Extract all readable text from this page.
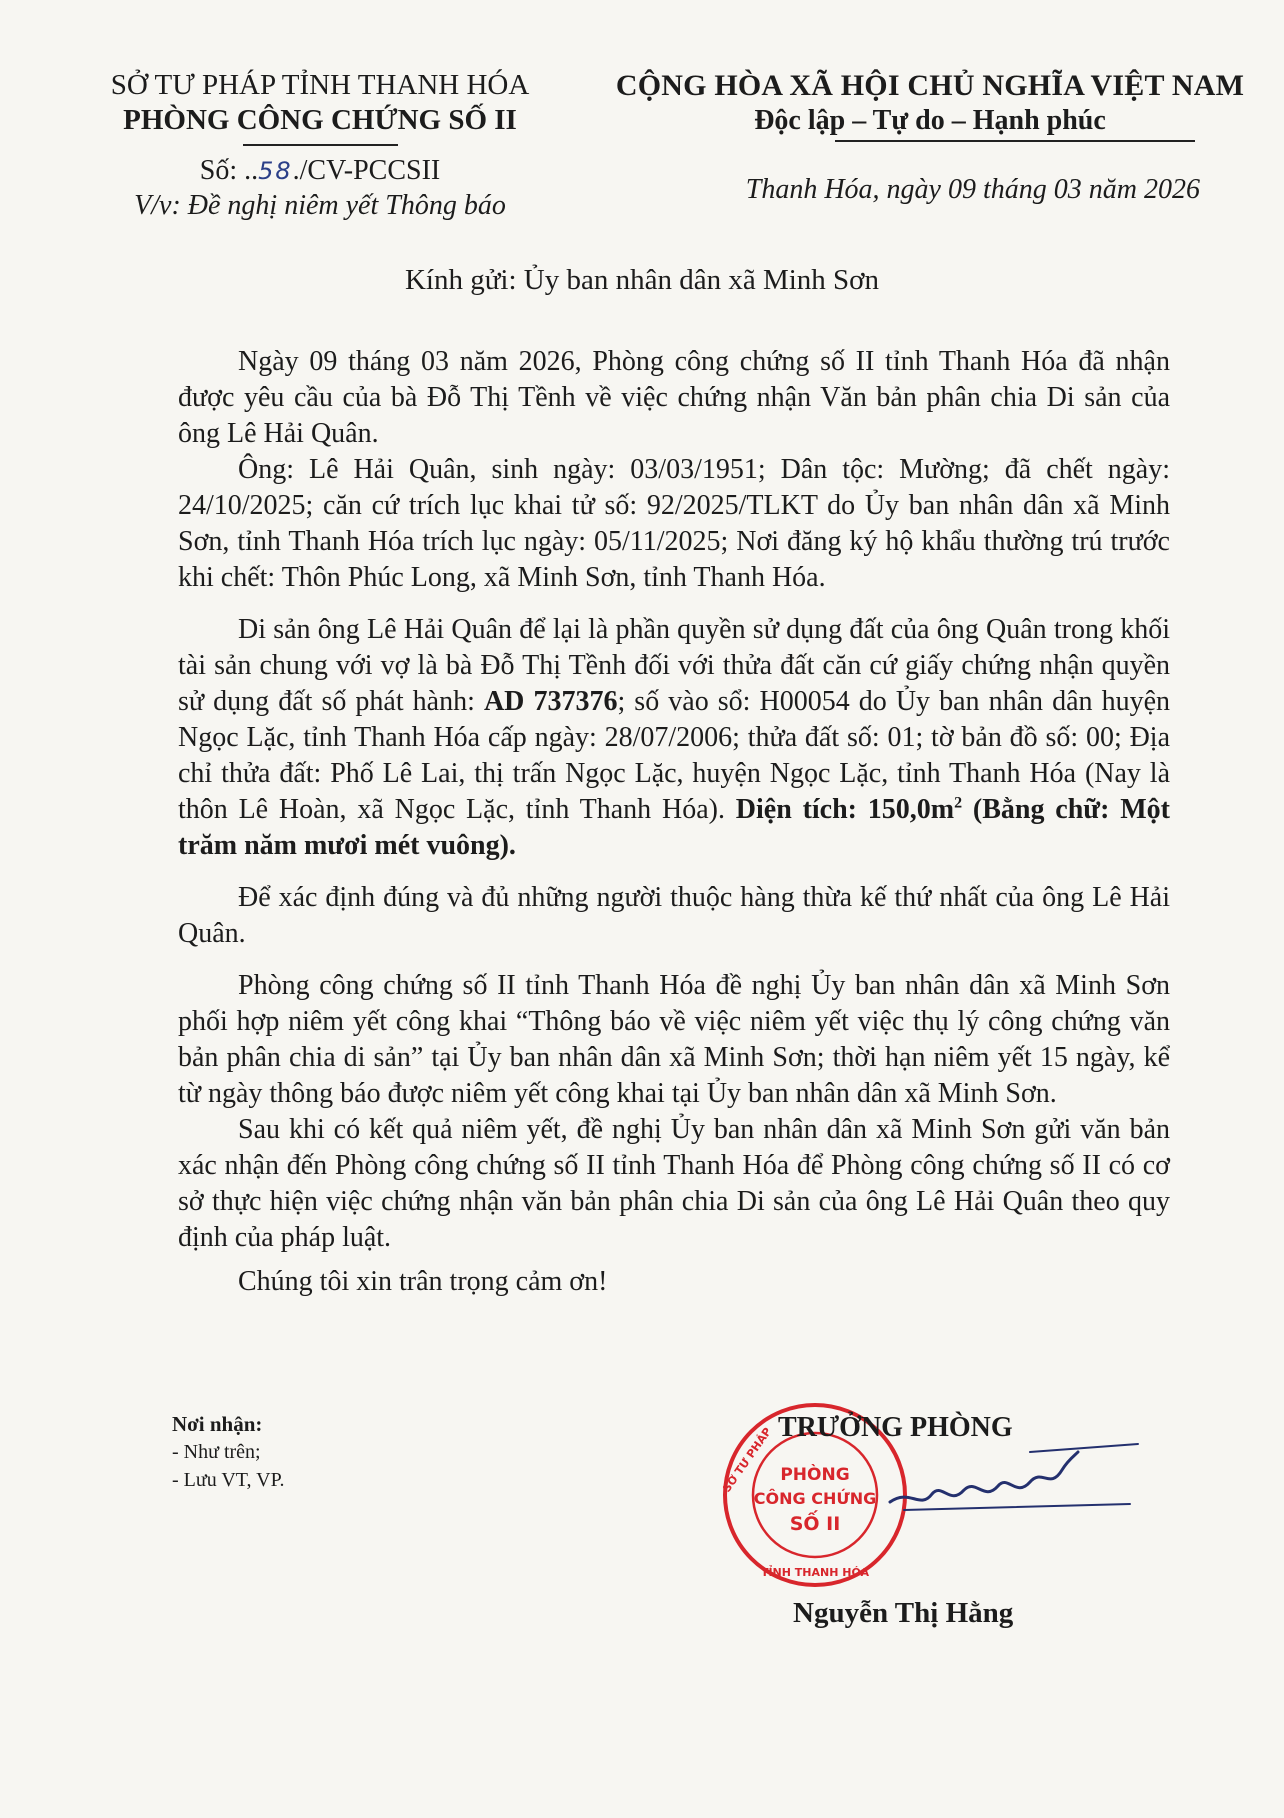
SỞ TƯ PHÁP TỈNH THANH HÓA
PHÒNG CÔNG CHỨNG SỐ II
Số: ..58./CV-PCCSII
V/v: Đề nghị niêm yết Thông báo
CỘNG HÒA XÃ HỘI CHỦ NGHĨA VIỆT NAM
Độc lập – Tự do – Hạnh phúc
Thanh Hóa, ngày 09 tháng 03 năm 2026
Kính gửi: Ủy ban nhân dân xã Minh Sơn

Ngày 09 tháng 03 năm 2026, Phòng công chứng số II tỉnh Thanh Hóa đã nhận được yêu cầu của bà Đỗ Thị Tềnh về việc chứng nhận Văn bản phân chia Di sản của ông Lê Hải Quân.

Ông: Lê Hải Quân, sinh ngày: 03/03/1951; Dân tộc: Mường; đã chết ngày: 24/10/2025; căn cứ trích lục khai tử số: 92/2025/TLKT do Ủy ban nhân dân xã Minh Sơn, tỉnh Thanh Hóa trích lục ngày: 05/11/2025; Nơi đăng ký hộ khẩu thường trú trước khi chết: Thôn Phúc Long, xã Minh Sơn, tỉnh Thanh Hóa.

Di sản ông Lê Hải Quân để lại là phần quyền sử dụng đất của ông Quân trong khối tài sản chung với vợ là bà Đỗ Thị Tềnh đối với thửa đất căn cứ giấy chứng nhận quyền sử dụng đất số phát hành: AD 737376; số vào sổ: H00054 do Ủy ban nhân dân huyện Ngọc Lặc, tỉnh Thanh Hóa cấp ngày: 28/07/2006; thửa đất số: 01; tờ bản đồ số: 00; Địa chỉ thửa đất: Phố Lê Lai, thị trấn Ngọc Lặc, huyện Ngọc Lặc, tỉnh Thanh Hóa (Nay là thôn Lê Hoàn, xã Ngọc Lặc, tỉnh Thanh Hóa). Diện tích: $150,0m^2$ (Bằng chữ: Một trăm năm mươi mét vuông).

Để xác định đúng và đủ những người thuộc hàng thừa kế thứ nhất của ông Lê Hải Quân.

Phòng công chứng số II tỉnh Thanh Hóa đề nghị Ủy ban nhân dân xã Minh Sơn phối hợp niêm yết công khai “Thông báo về việc niêm yết việc thụ lý công chứng văn bản phân chia di sản” tại Ủy ban nhân dân xã Minh Sơn; thời hạn niêm yết 15 ngày, kể từ ngày thông báo được niêm yết công khai tại Ủy ban nhân dân xã Minh Sơn.

Sau khi có kết quả niêm yết, đề nghị Ủy ban nhân dân xã Minh Sơn gửi văn bản xác nhận đến Phòng công chứng số II tỉnh Thanh Hóa để Phòng công chứng số II có cơ sở thực hiện việc chứng nhận văn bản phân chia Di sản của ông Lê Hải Quân theo quy định của pháp luật.

Chúng tôi xin trân trọng cảm ơn!

Nơi nhận:
- Như trên;
- Lưu VT, VP.	PHÒNG
CÔNG CHỨNG
SỐ II
SỞ TƯ PHÁP
TỈNH THANH HÓA
TRƯỞNG PHÒNG
Nguyễn Thị Hằng
